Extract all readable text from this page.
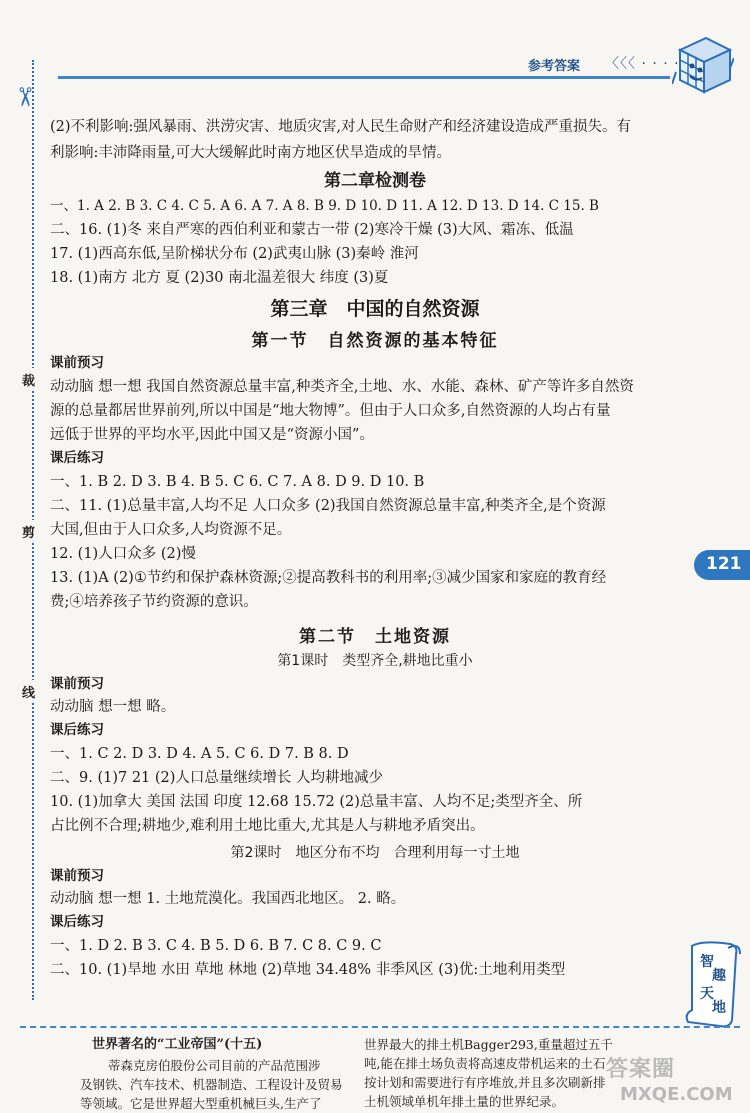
参考答案 〈〈〈 · · · ·
✂
裁
剪
线
121
(2)不利影响:强风暴雨、洪涝灾害、地质灾害,对人民生命财产和经济建设造成严重损失。有
利影响:丰沛降雨量,可大大缓解此时南方地区伏旱造成的旱情。
第二章检测卷
一、1. A 2. B 3. C 4. C 5. A 6. A 7. A 8. B 9. D 10. D 11. A 12. D 13. D 14. C 15. B
二、16. (1)冬 来自严寒的西伯利亚和蒙古一带 (2)寒冷干燥 (3)大风、霜冻、低温
17. (1)西高东低,呈阶梯状分布 (2)武夷山脉 (3)秦岭 淮河
18. (1)南方 北方 夏 (2)30 南北温差很大 纬度 (3)夏
第三章　中国的自然资源
第一节　自然资源的基本特征
课前预习
动动脑 想一想 我国自然资源总量丰富,种类齐全,土地、水、水能、森林、矿产等许多自然资
源的总量都居世界前列,所以中国是“地大物博”。但由于人口众多,自然资源的人均占有量
远低于世界的平均水平,因此中国又是“资源小国”。
课后练习
一、1. B 2. D 3. B 4. B 5. C 6. C 7. A 8. D 9. D 10. B
二、11. (1)总量丰富,人均不足 人口众多 (2)我国自然资源总量丰富,种类齐全,是个资源
大国,但由于人口众多,人均资源不足。
12. (1)人口众多 (2)慢
13. (1)A (2)①节约和保护森林资源;②提高教科书的利用率;③减少国家和家庭的教育经
费;④培养孩子节约资源的意识。
第二节　土地资源
第1课时　类型齐全,耕地比重小
课前预习
动动脑 想一想 略。
课后练习
一、1. C 2. D 3. D 4. A 5. C 6. D 7. B 8. D
二、9. (1)7 21 (2)人口总量继续增长 人均耕地减少
10. (1)加拿大 美国 法国 印度 12.68 15.72 (2)总量丰富、人均不足;类型齐全、所
占比例不合理;耕地少,难利用土地比重大,尤其是人与耕地矛盾突出。
第2课时　地区分布不均　合理利用每一寸土地
课前预习
动动脑 想一想 1. 土地荒漠化。我国西北地区。 2. 略。
课后练习
一、1. D 2. B 3. C 4. B 5. D 6. B 7. C 8. C 9. C
二、10. (1)旱地 水田 草地 林地 (2)草地 34.48% 非季风区 (3)优:土地利用类型	智
趣
天
地
世界著名的“工业帝国”(十五)
蒂森克房伯股份公司目前的产品范围涉
及钢铁、汽车技术、机器制造、工程设计及贸易
等领域。它是世界超大型重机械巨头,生产了
世界最大的排土机Bagger293,重量超过五千
吨,能在排土场负责将高速皮带机运来的土石
按计划和需要进行有序堆放,并且多次刷新排
土机领域单机年排土量的世界纪录。
答案圈
MXQE.COM
